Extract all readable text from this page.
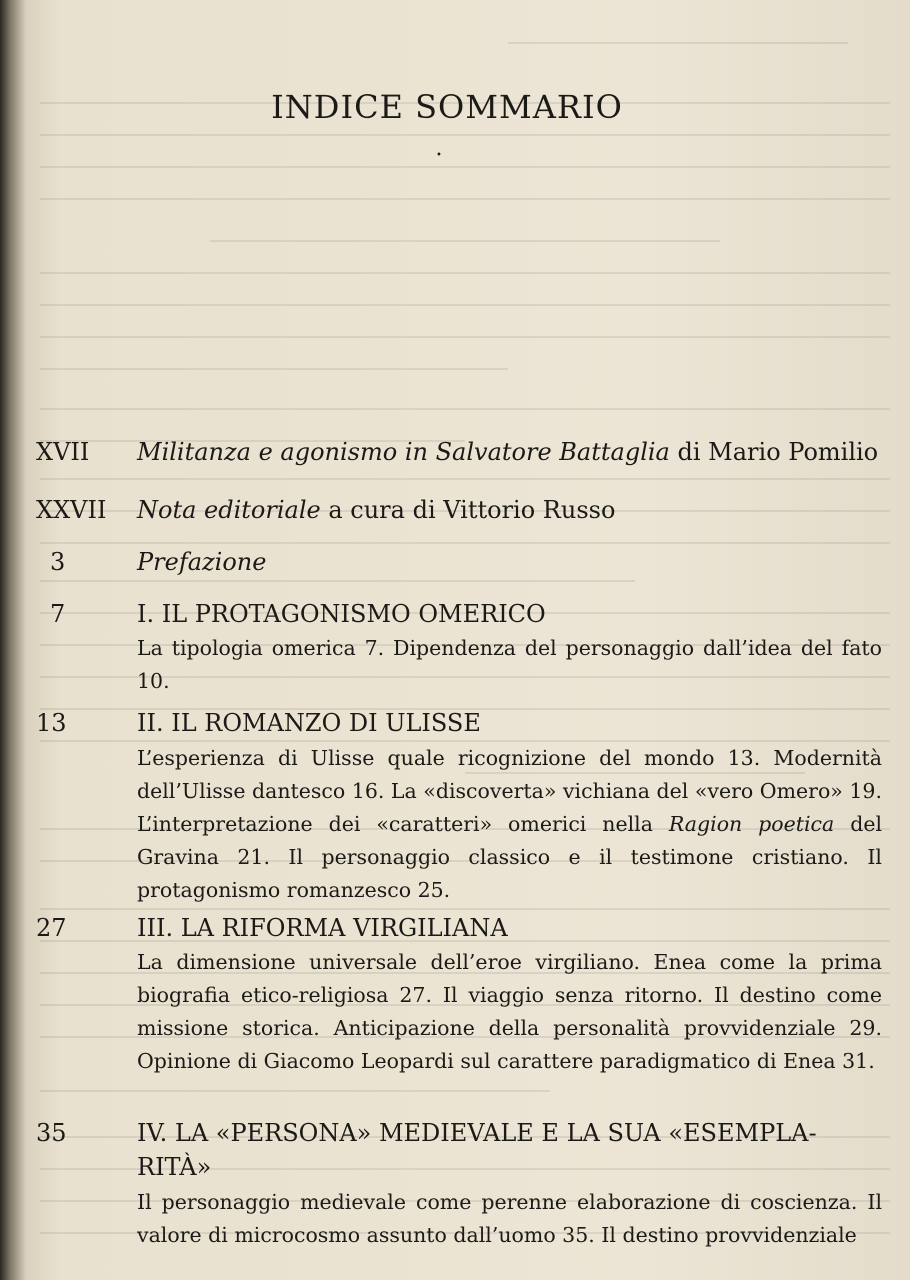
INDICE SOMMARIO
•
XVII Militanza e agonismo in Salvatore Battaglia di Mario Pomilio
XXVII Nota editoriale a cura di Vittorio Russo
3	Prefazione
7	I. IL PROTAGONISMO OMERICO

La tipologia omerica 7. Dipendenza del personaggio dall’idea del fato 10.

13	II. IL ROMANZO DI ULISSE

L’esperienza di Ulisse quale ricognizione del mondo 13. Modernità dell’Ulisse dantesco 16. La «discoverta» vichiana del «vero Omero» 19. L’interpretazione dei «caratteri» omerici nella Ragion poetica del Gravina 21. Il personaggio classico e il testimone cristiano. Il protagonismo romanzesco 25.

27	III. LA RIFORMA VIRGILIANA

La dimensione universale dell’eroe virgiliano. Enea come la prima biografia etico-religiosa 27. Il viaggio senza ritorno. Il destino come missione storica. Anticipazione della personalità provvidenziale 29. Opinione di Giacomo Leopardi sul carattere paradigmatico di Enea 31.

35	IV. LA «PERSONA» MEDIEVALE E LA SUA «ESEMPLA-
RITÀ»

Il personaggio medievale come perenne elaborazione di coscienza. Il valore di microcosmo assunto dall’uomo 35. Il destino provvidenziale
